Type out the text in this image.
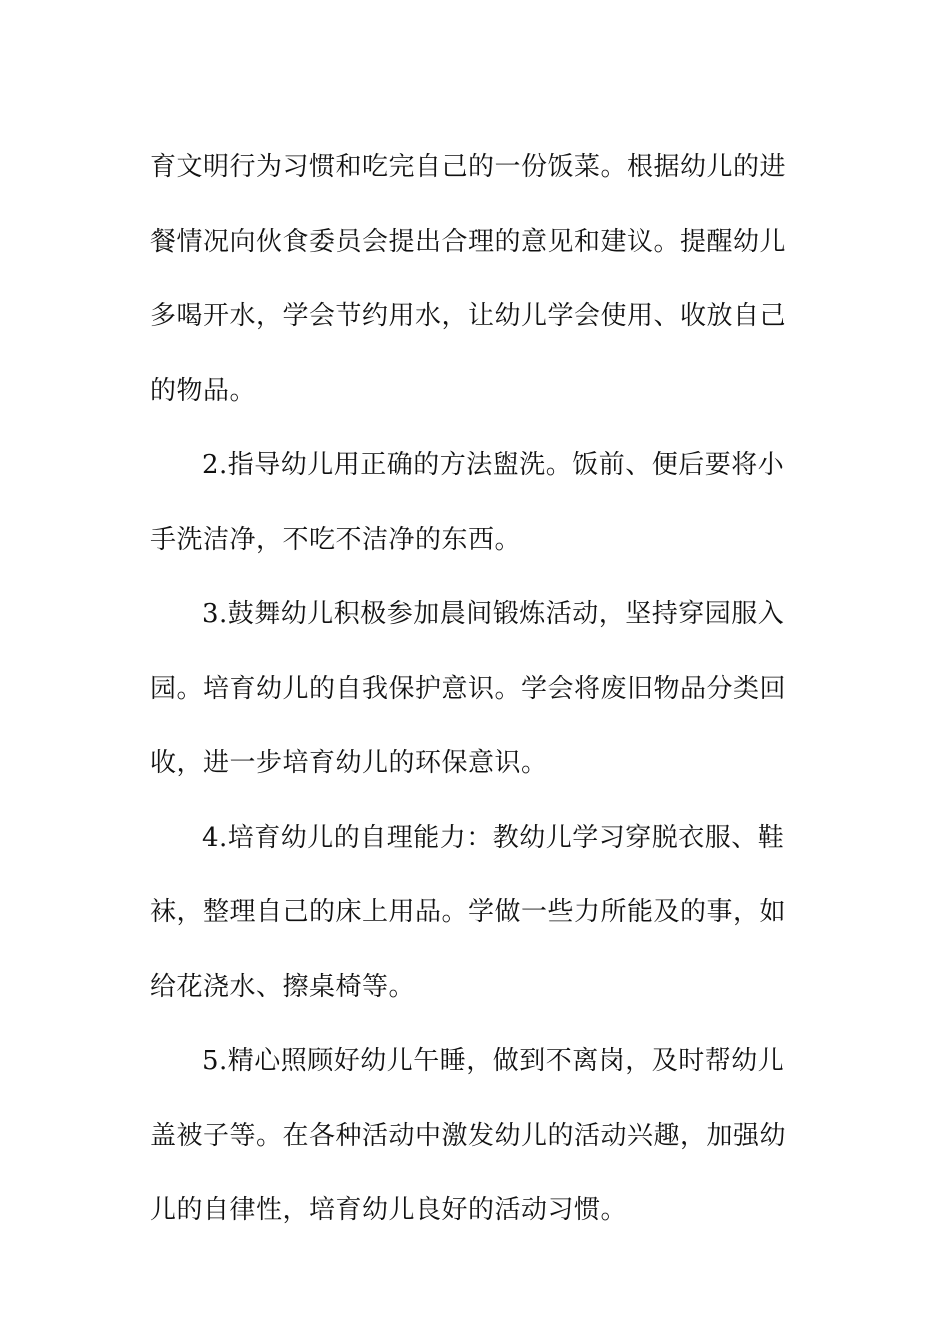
育文明行为习惯和吃完自己的一份饭菜。根据幼儿的进餐情况向伙食委员会提出合理的意见和建议。提醒幼儿多喝开水，学会节约用水，让幼儿学会使用、收放自己的物品。

2.指导幼儿用正确的方法盥洗。饭前、便后要将小手洗洁净，不吃不洁净的东西。

3.鼓舞幼儿积极参加晨间锻炼活动，坚持穿园服入园。培育幼儿的自我保护意识。学会将废旧物品分类回收，进一步培育幼儿的环保意识。

4.培育幼儿的自理能力：教幼儿学习穿脱衣服、鞋袜，整理自己的床上用品。学做一些力所能及的事，如给花浇水、擦桌椅等。

5.精心照顾好幼儿午睡，做到不离岗，及时帮幼儿盖被子等。在各种活动中激发幼儿的活动兴趣，加强幼儿的自律性，培育幼儿良好的活动习惯。
